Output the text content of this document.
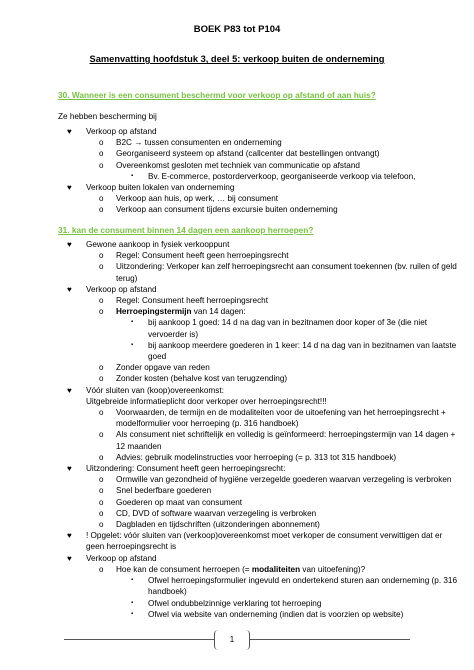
BOEK P83 tot P104
Samenvatting hoofdstuk 3, deel 5: verkoop buiten de onderneming
30. Wanneer is een consument beschermd voor verkoop op afstand of aan huis?
Ze hebben bescherming bij
♥ Verkoop op afstand
o B2C → tussen consumenten en onderneming
o Georganiseerd systeem op afstand (callcenter dat bestellingen ontvangt)
o Overeenkomst gesloten met techniek van communicatie op afstand
▪ Bv. E-commerce, postorderverkoop, georganiseerde verkoop via telefoon,
♥ Verkoop buiten lokalen van onderneming
o Verkoop aan huis, op werk, … bij consument
o Verkoop aan consument tijdens excursie buiten onderneming
31. kan de consument binnen 14 dagen een aankoop herroepen?
♥ Gewone aankoop in fysiek verkooppunt
o Regel: Consument heeft geen herroepingsrecht
o Uitzondering: Verkoper kan zelf herroepingsrecht aan consument toekennen (bv. ruilen of geld terug)
♥ Verkoop op afstand
o Regel: Consument heeft herroepingsrecht
o Herroepingstermijn van 14 dagen:
▪ bij aankoop 1 goed: 14 d na dag van in bezitnamen door koper of 3e (die niet vervoerder is)
▪ bij aankoop meerdere goederen in 1 keer: 14 d na dag van in bezitnamen van laatste goed
o Zonder opgave van reden
o Zonder kosten (behalve kost van terugzending)
♥ Vóór sluiten van (koop)overeenkomst:
Uitgebreide informatieplicht door verkoper over herroepingsrecht!!!
o Voorwaarden, de termijn en de modaliteiten voor de uitoefening van het herroepingsrecht + modelformulier voor herroeping (p. 316 handboek)
o Als consument niet schriftelijk en volledig is geïnformeerd: herroepingstermijn van 14 dagen + 12 maanden
o Advies: gebruik modelinstructies voor herroeping (= p. 313 tot 315 handboek)
♥ Uitzondering: Consument heeft geen herroepingsrecht:
o Ormwille van gezondheid of hygiëne verzegelde goederen waarvan verzegeling is verbroken
o Snel bederfbare goederen
o Goederen op maat van consument
o CD, DVD of software waarvan verzegeling is verbroken
o Dagbladen en tijdschriften (uitzonderingen abonnement)
♥ ! Opgelet: vóór sluiten van (verkoop)overeenkomst moet verkoper de consument verwittigen dat er geen herroepingsrecht is
♥ Verkoop op afstand
o Hoe kan de consument herroepen (= modaliteiten van uitoefening)?
▪ Ofwel herroepingsformulier ingevuld en ondertekend sturen aan onderneming (p. 316 handboek)
▪ Ofwel ondubbelzinnige verklaring tot herroeping
▪ Ofwel via website van onderneming (indien dat is voorzien op website)
1
